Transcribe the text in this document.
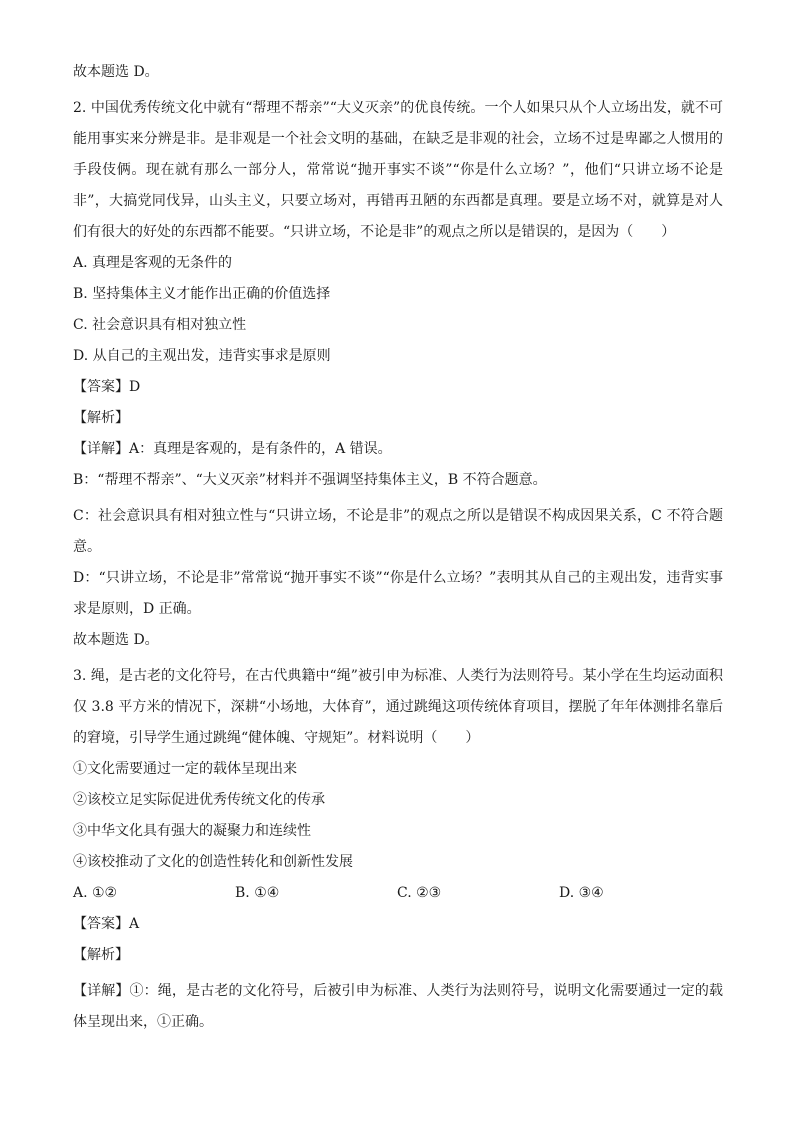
故本题选 D。
2. 中国优秀传统文化中就有“帮理不帮亲”“大义灭亲”的优良传统。一个人如果只从个人立场出发，就不可能用事实来分辨是非。是非观是一个社会文明的基础，在缺乏是非观的社会，立场不过是卑鄙之人惯用的手段伎俩。现在就有那么一部分人，常常说“抛开事实不谈”“你是什么立场？”，他们“只讲立场不论是非”，大搞党同伐异，山头主义，只要立场对，再错再丑陋的东西都是真理。要是立场不对，就算是对人们有很大的好处的东西都不能要。“只讲立场，不论是非”的观点之所以是错误的，是因为（　　）
A. 真理是客观的无条件的
B. 坚持集体主义才能作出正确的价值选择
C. 社会意识具有相对独立性
D. 从自己的主观出发，违背实事求是原则
【答案】D
【解析】
【详解】A：真理是客观的，是有条件的，A 错误。
B：“帮理不帮亲”、“大义灭亲”材料并不强调坚持集体主义，B 不符合题意。
C：社会意识具有相对独立性与“只讲立场，不论是非”的观点之所以是错误不构成因果关系，C 不符合题意。
D：“只讲立场，不论是非”常常说“抛开事实不谈”“你是什么立场？”表明其从自己的主观出发，违背实事求是原则，D 正确。
故本题选 D。
3. 绳，是古老的文化符号，在古代典籍中“绳”被引申为标准、人类行为法则符号。某小学在生均运动面积仅 3.8 平方米的情况下，深耕“小场地，大体育”，通过跳绳这项传统体育项目，摆脱了年年体测排名靠后的窘境，引导学生通过跳绳“健体魄、守规矩”。材料说明（　　）
①文化需要通过一定的载体呈现出来
②该校立足实际促进优秀传统文化的传承
③中华文化具有强大的凝聚力和连续性
④该校推动了文化的创造性转化和创新性发展
A. ①②	B. ①④	C. ②③	D. ③④
【答案】A
【解析】
【详解】①：绳，是古老的文化符号，后被引申为标准、人类行为法则符号，说明文化需要通过一定的载体呈现出来，①正确。
